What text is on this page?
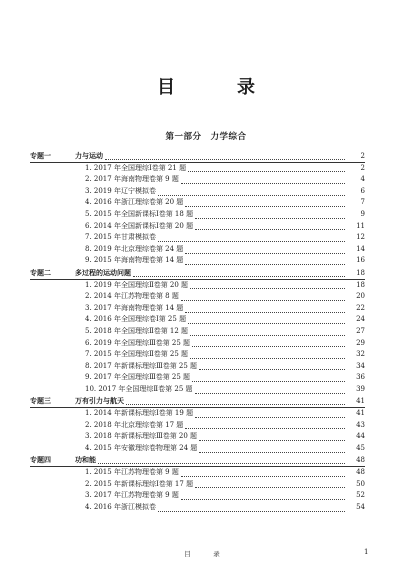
目　录
第一部分　力学综合
专题一	力与运动	2
1. 2017 年全国理综Ⅰ卷第 21 题	2
2. 2017 年海南物理卷第 9 题	4
3. 2019 年辽宁模拟卷	6
4. 2016 年浙江理综卷第 20 题	7
5. 2015 年全国新课标Ⅰ卷第 18 题	9
6. 2014 年全国新课标Ⅰ卷第 20 题	11
7. 2015 年甘肃模拟卷	12
8. 2019 年北京理综卷第 24 题	14
9. 2015 年海南物理卷第 14 题	16
专题二	多过程的运动问题	18
1. 2019 年全国理综Ⅱ卷第 20 题	18
2. 2014 年江苏物理卷第 8 题	20
3. 2017 年海南物理卷第 14 题	22
4. 2016 年全国理综卷Ⅰ第 25 题	24
5. 2018 年全国理综Ⅱ卷第 12 题	27
6. 2019 年全国理综Ⅲ卷第 25 题	29
7. 2015 年全国理综Ⅱ卷第 25 题	32
8. 2017 年新课标理综Ⅲ卷第 25 题	34
9. 2017 年全国理综Ⅲ卷第 25 题	36
10. 2017 年全国理综Ⅱ卷第 25 题	39
专题三	万有引力与航天	41
1. 2014 年新课标理综Ⅰ卷第 19 题	41
2. 2018 年北京理综卷第 17 题	43
3. 2018 年新课标理综Ⅲ卷第 20 题	44
4. 2015 年安徽理综卷物理第 24 题	45
专题四	功和能	48
1. 2015 年江苏物理卷第 9 题	48
2. 2015 年新课标理综Ⅰ卷第 17 题	50
3. 2017 年江苏物理卷第 9 题	52
4. 2016 年浙江模拟卷	54
目　录	1
